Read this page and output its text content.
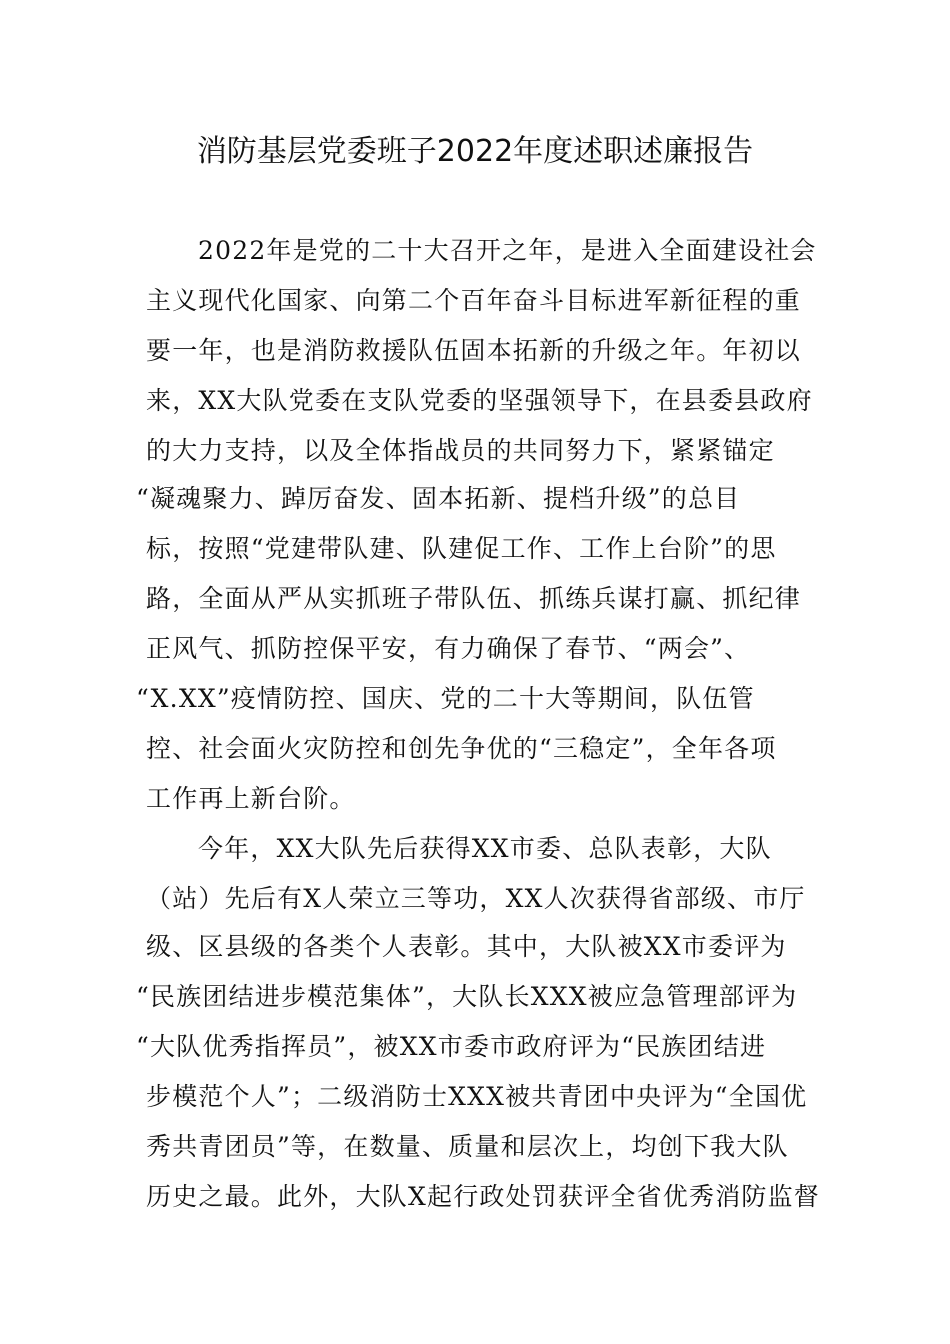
消防基层党委班子2022年度述职述廉报告
2022年是党的二十大召开之年，是进入全面建设社会
主义现代化国家、向第二个百年奋斗目标进军新征程的重
要一年，也是消防救援队伍固本拓新的升级之年。年初以
来，XX大队党委在支队党委的坚强领导下，在县委县政府
的大力支持，以及全体指战员的共同努力下，紧紧锚定
“凝魂聚力、踔厉奋发、固本拓新、提档升级”的总目
标，按照“党建带队建、队建促工作、工作上台阶”的思
路，全面从严从实抓班子带队伍、抓练兵谋打赢、抓纪律
正风气、抓防控保平安，有力确保了春节、“两会”、
“X.XX”疫情防控、国庆、党的二十大等期间，队伍管
控、社会面火灾防控和创先争优的“三稳定”，全年各项
工作再上新台阶。
今年，XX大队先后获得XX市委、总队表彰，大队
（站）先后有X人荣立三等功，XX人次获得省部级、市厅
级、区县级的各类个人表彰。其中，大队被XX市委评为
“民族团结进步模范集体”，大队长XXX被应急管理部评为
“大队优秀指挥员”，被XX市委市政府评为“民族团结进
步模范个人”；二级消防士XXX被共青团中央评为“全国优
秀共青团员”等，在数量、质量和层次上，均创下我大队
历史之最。此外，大队X起行政处罚获评全省优秀消防监督
